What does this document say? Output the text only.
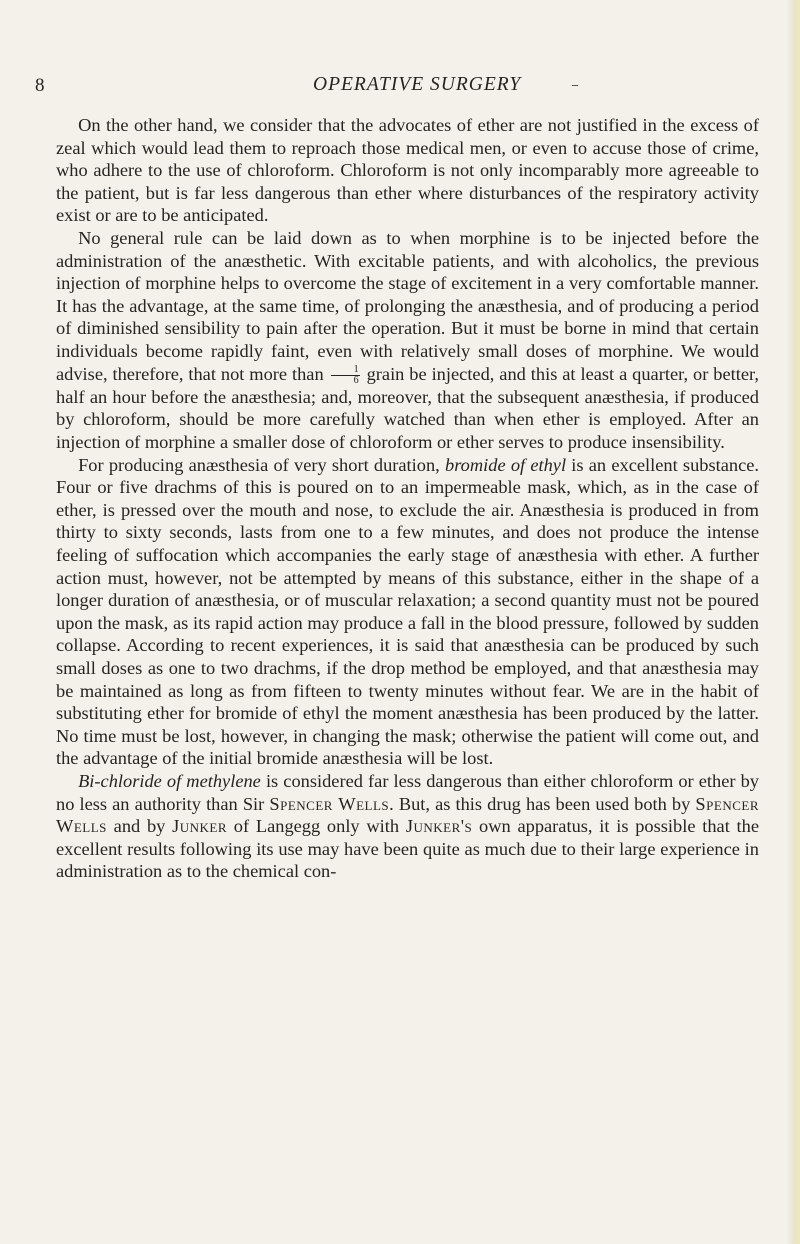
8	OPERATIVE SURGERY

On the other hand, we consider that the advocates of ether are not justified in the excess of zeal which would lead them to reproach those medical men, or even to accuse those of crime, who adhere to the use of chloroform. Chloroform is not only incomparably more agreeable to the patient, but is far less dangerous than ether where disturbances of the respiratory activity exist or are to be anticipated.

No general rule can be laid down as to when morphine is to be injected before the administration of the anæsthetic. With excitable patients, and with alcoholics, the previous injection of morphine helps to overcome the stage of excitement in a very comfortable manner. It has the advantage, at the same time, of prolonging the anæsthesia, and of producing a period of diminished sensibility to pain after the operation. But it must be borne in mind that certain individuals become rapidly faint, even with relatively small doses of morphine. We would advise, therefore, that not more than $\frac{1}{6}$ grain be injected, and this at least a quarter, or better, half an hour before the anæsthesia; and, moreover, that the subsequent anæsthesia, if produced by chloroform, should be more carefully watched than when ether is employed. After an injection of morphine a smaller dose of chloroform or ether serves to produce insensibility.

For producing anæsthesia of very short duration, bromide of ethyl is an excellent substance. Four or five drachms of this is poured on to an impermeable mask, which, as in the case of ether, is pressed over the mouth and nose, to exclude the air. Anæsthesia is produced in from thirty to sixty seconds, lasts from one to a few minutes, and does not produce the intense feeling of suffocation which accompanies the early stage of anæsthesia with ether. A further action must, however, not be attempted by means of this substance, either in the shape of a longer duration of anæsthesia, or of muscular relaxation; a second quantity must not be poured upon the mask, as its rapid action may produce a fall in the blood pressure, followed by sudden collapse. According to recent experiences, it is said that anæsthesia can be produced by such small doses as one to two drachms, if the drop method be employed, and that anæsthesia may be maintained as long as from fifteen to twenty minutes without fear. We are in the habit of substituting ether for bromide of ethyl the moment anæsthesia has been produced by the latter. No time must be lost, however, in changing the mask; otherwise the patient will come out, and the advantage of the initial bromide anæsthesia will be lost.

Bi-chloride of methylene is considered far less dangerous than either chloroform or ether by no less an authority than Sir Spencer Wells. But, as this drug has been used both by Spencer Wells and by Junker of Langegg only with Junker's own apparatus, it is possible that the excellent results following its use may have been quite as much due to their large experience in administration as to the chemical con-
